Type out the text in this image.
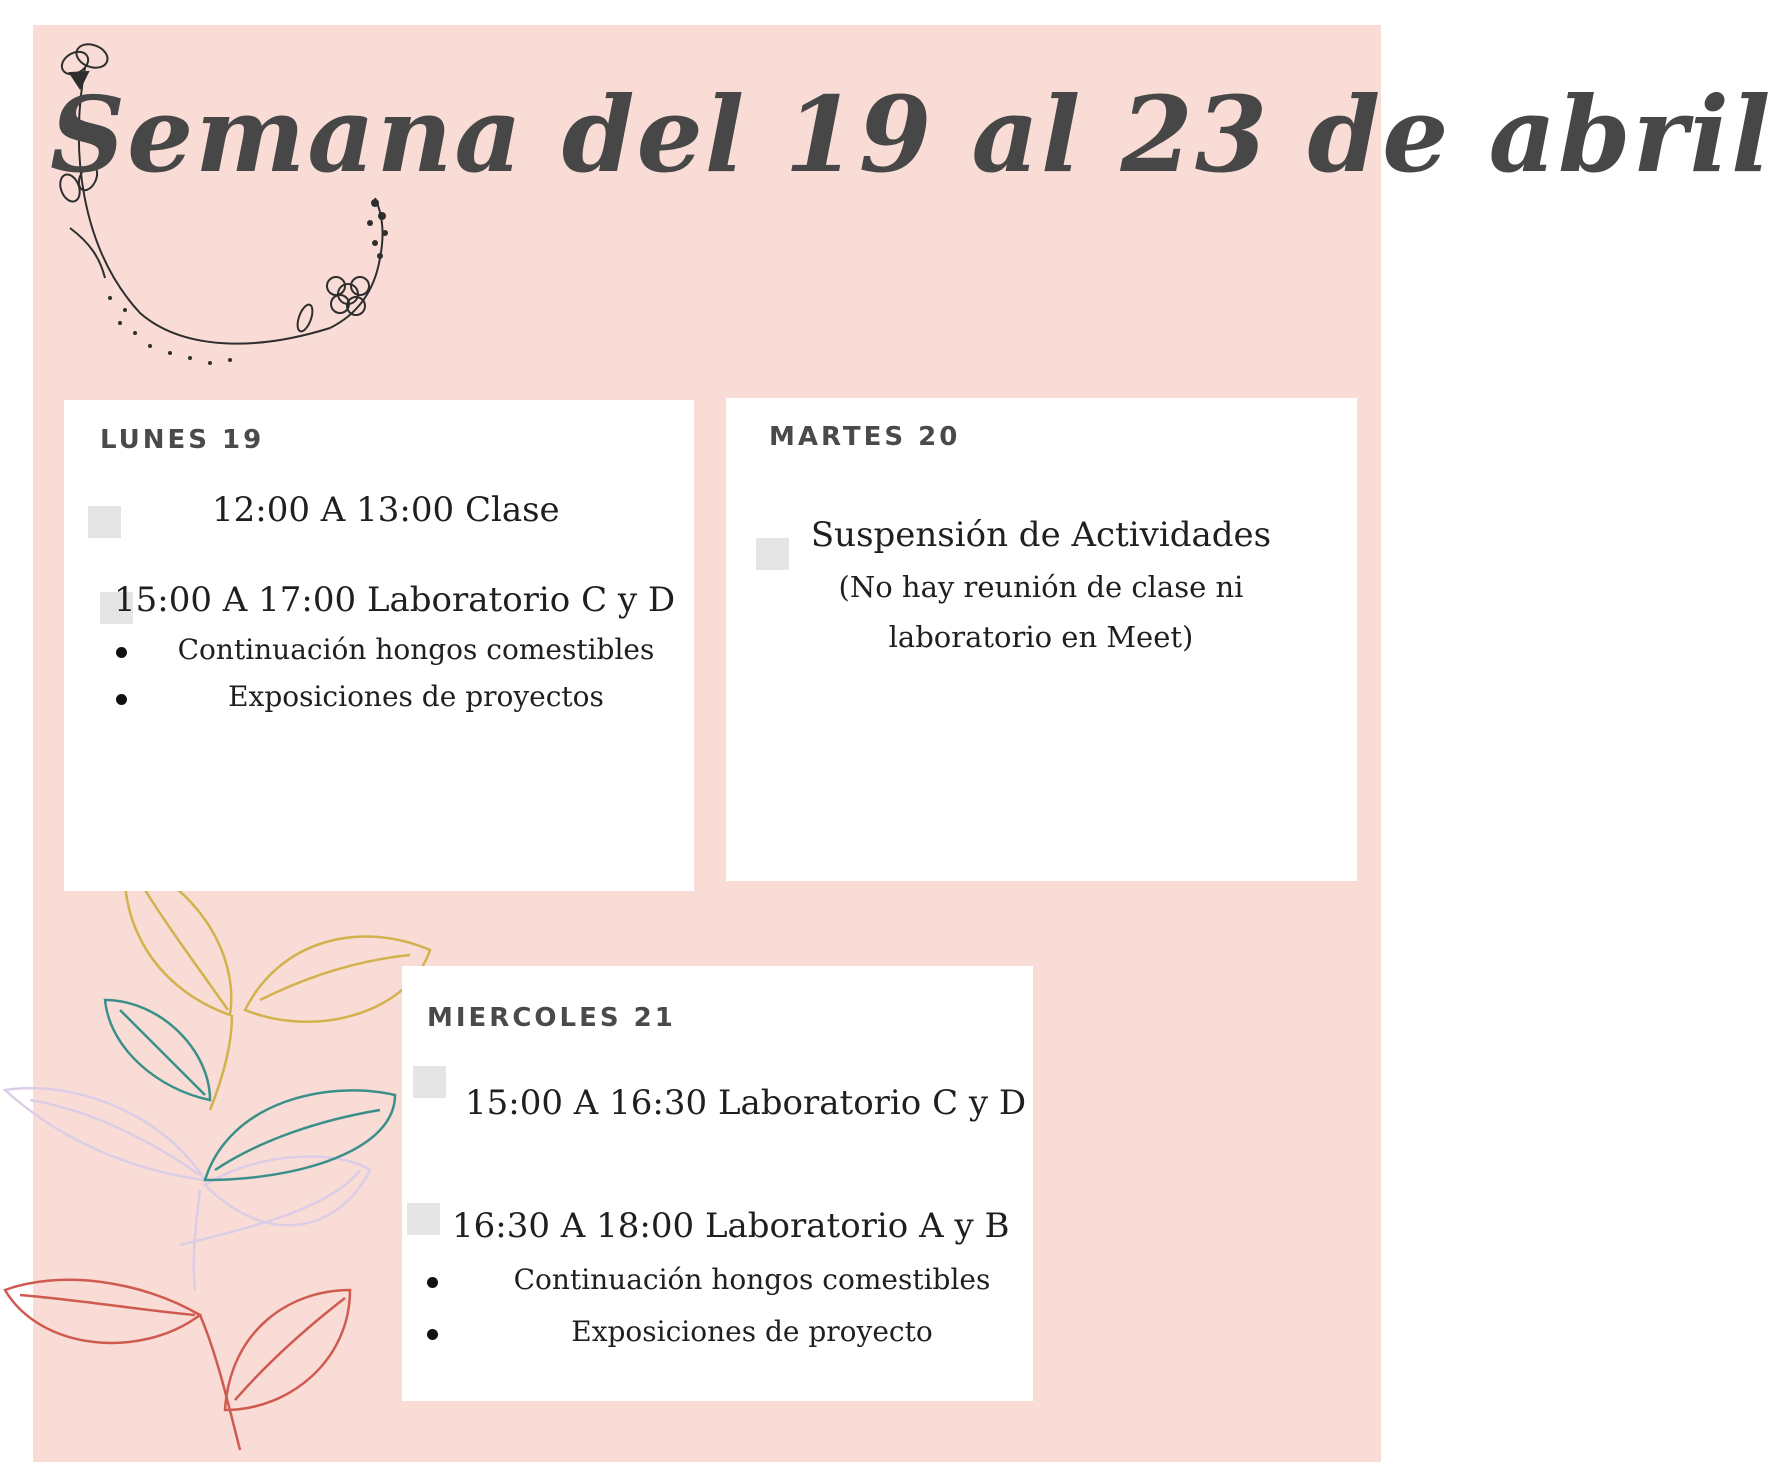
Semana del 19 al 23 de abril
LUNES 19

12:00 A 13:00 Clase

15:00 A 17:00 Laboratorio C y D

Continuación hongos comestibles
Exposiciones de proyectos
MARTES 20

Suspensión de Actividades

(No hay reunión de clase ni

laboratorio en Meet)

MIERCOLES 21

15:00 A 16:30 Laboratorio C y D

16:30 A 18:00 Laboratorio A y B

Continuación hongos comestibles
Exposiciones de proyecto
